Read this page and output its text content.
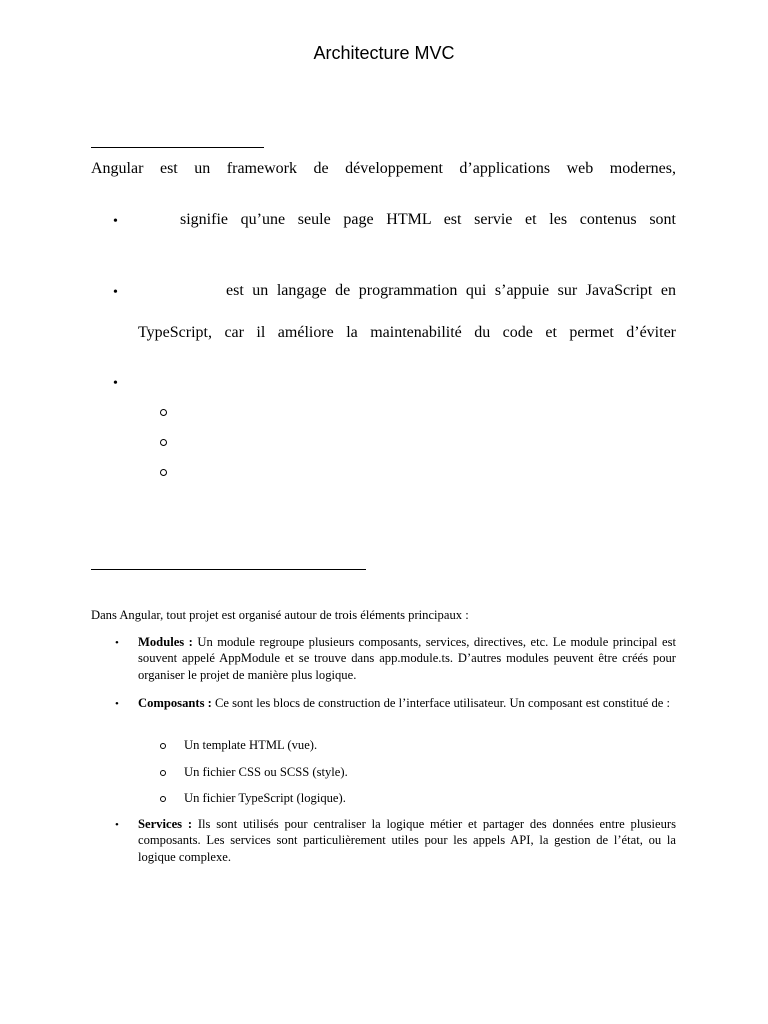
Architecture MVC
Angular est un framework de développement d’applications web modernes,
•	signifie qu’une seule page HTML est servie et les contenus sont
•	est un langage de programmation qui s’appuie sur JavaScript en
TypeScript, car il améliore la maintenabilité du code et permet d’éviter
•
Dans Angular, tout projet est organisé autour de trois éléments principaux :
• Modules : Un module regroupe plusieurs composants, services, directives, etc. Le module principal est souvent appelé AppModule et se trouve dans app.module.ts. D’autres modules peuvent être créés pour organiser le projet de manière plus logique.
• Composants : Ce sont les blocs de construction de l’interface utilisateur. Un composant est constitué de :
Un template HTML (vue).
Un fichier CSS ou SCSS (style).
Un fichier TypeScript (logique).
• Services : Ils sont utilisés pour centraliser la logique métier et partager des données entre plusieurs composants. Les services sont particulièrement utiles pour les appels API, la gestion de l’état, ou la logique complexe.
